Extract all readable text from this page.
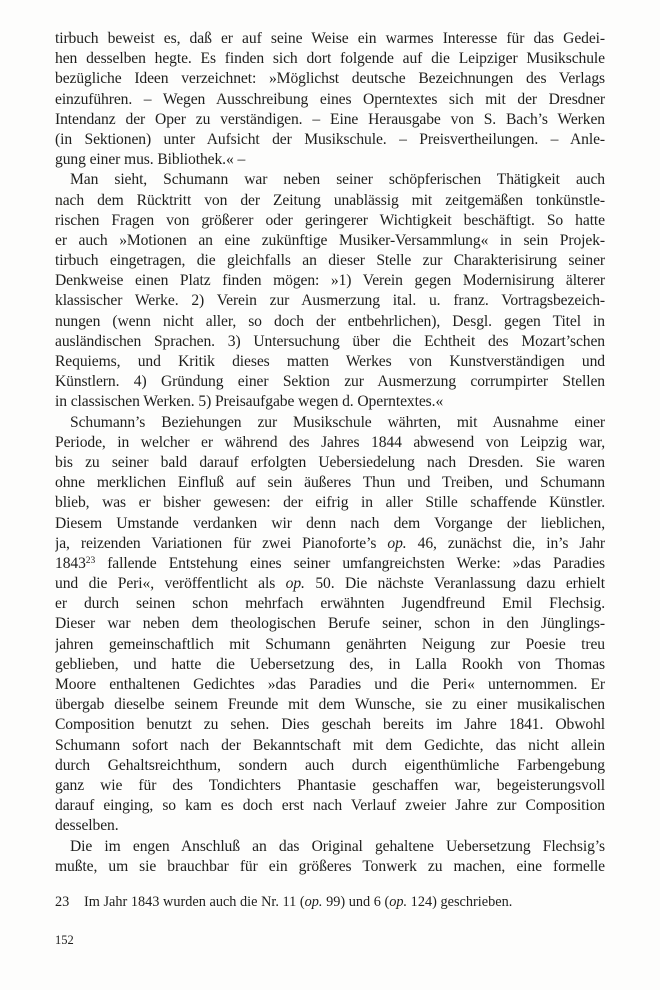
tirbuch beweist es, daß er auf seine Weise ein warmes Interesse für das Gedei-
hen desselben hegte. Es finden sich dort folgende auf die Leipziger Musikschule
bezügliche Ideen verzeichnet: »Möglichst deutsche Bezeichnungen des Verlags
einzuführen. – Wegen Ausschreibung eines Operntextes sich mit der Dresdner
Intendanz der Oper zu verständigen. – Eine Herausgabe von S. Bach’s Werken
(in Sektionen) unter Aufsicht der Musikschule. – Preisvertheilungen. – Anle-
gung einer mus. Bibliothek.« –
Man sieht, Schumann war neben seiner schöpferischen Thätigkeit auch
nach dem Rücktritt von der Zeitung unablässig mit zeitgemäßen tonkünstle-
rischen Fragen von größerer oder geringerer Wichtigkeit beschäftigt. So hatte
er auch »Motionen an eine zukünftige Musiker-Versammlung« in sein Projek-
tirbuch eingetragen, die gleichfalls an dieser Stelle zur Charakterisirung seiner
Denkweise einen Platz finden mögen: »1) Verein gegen Modernisirung älterer
klassischer Werke. 2) Verein zur Ausmerzung ital. u. franz. Vortragsbezeich-
nungen (wenn nicht aller, so doch der entbehrlichen), Desgl. gegen Titel in
ausländischen Sprachen. 3) Untersuchung über die Echtheit des Mozart’schen
Requiems, und Kritik dieses matten Werkes von Kunstverständigen und
Künstlern. 4) Gründung einer Sektion zur Ausmerzung corrumpirter Stellen
in classischen Werken. 5) Preisaufgabe wegen d. Operntextes.«
Schumann’s Beziehungen zur Musikschule währten, mit Ausnahme einer
Periode, in welcher er während des Jahres 1844 abwesend von Leipzig war,
bis zu seiner bald darauf erfolgten Uebersiedelung nach Dresden. Sie waren
ohne merklichen Einfluß auf sein äußeres Thun und Treiben, und Schumann
blieb, was er bisher gewesen: der eifrig in aller Stille schaffende Künstler.
Diesem Umstande verdanken wir denn nach dem Vorgange der lieblichen,
ja, reizenden Variationen für zwei Pianoforte’s op. 46, zunächst die, in’s Jahr
1843$^{23}$ fallende Entstehung eines seiner umfangreichsten Werke: »das Paradies
und die Peri«, veröffentlicht als op. 50. Die nächste Veranlassung dazu erhielt
er durch seinen schon mehrfach erwähnten Jugendfreund Emil Flechsig.
Dieser war neben dem theologischen Berufe seiner, schon in den Jünglings-
jahren gemeinschaftlich mit Schumann genährten Neigung zur Poesie treu
geblieben, und hatte die Uebersetzung des, in Lalla Rookh von Thomas
Moore enthaltenen Gedichtes »das Paradies und die Peri« unternommen. Er
übergab dieselbe seinem Freunde mit dem Wunsche, sie zu einer musikalischen
Composition benutzt zu sehen. Dies geschah bereits im Jahre 1841. Obwohl
Schumann sofort nach der Bekanntschaft mit dem Gedichte, das nicht allein
durch Gehaltsreichthum, sondern auch durch eigenthümliche Farbengebung
ganz wie für des Tondichters Phantasie geschaffen war, begeisterungsvoll
darauf einging, so kam es doch erst nach Verlauf zweier Jahre zur Composition
desselben.
Die im engen Anschluß an das Original gehaltene Uebersetzung Flechsig’s
mußte, um sie brauchbar für ein größeres Tonwerk zu machen, eine formelle
23	Im Jahr 1843 wurden auch die Nr. 11 (op. 99) und 6 (op. 124) geschrieben.
152
